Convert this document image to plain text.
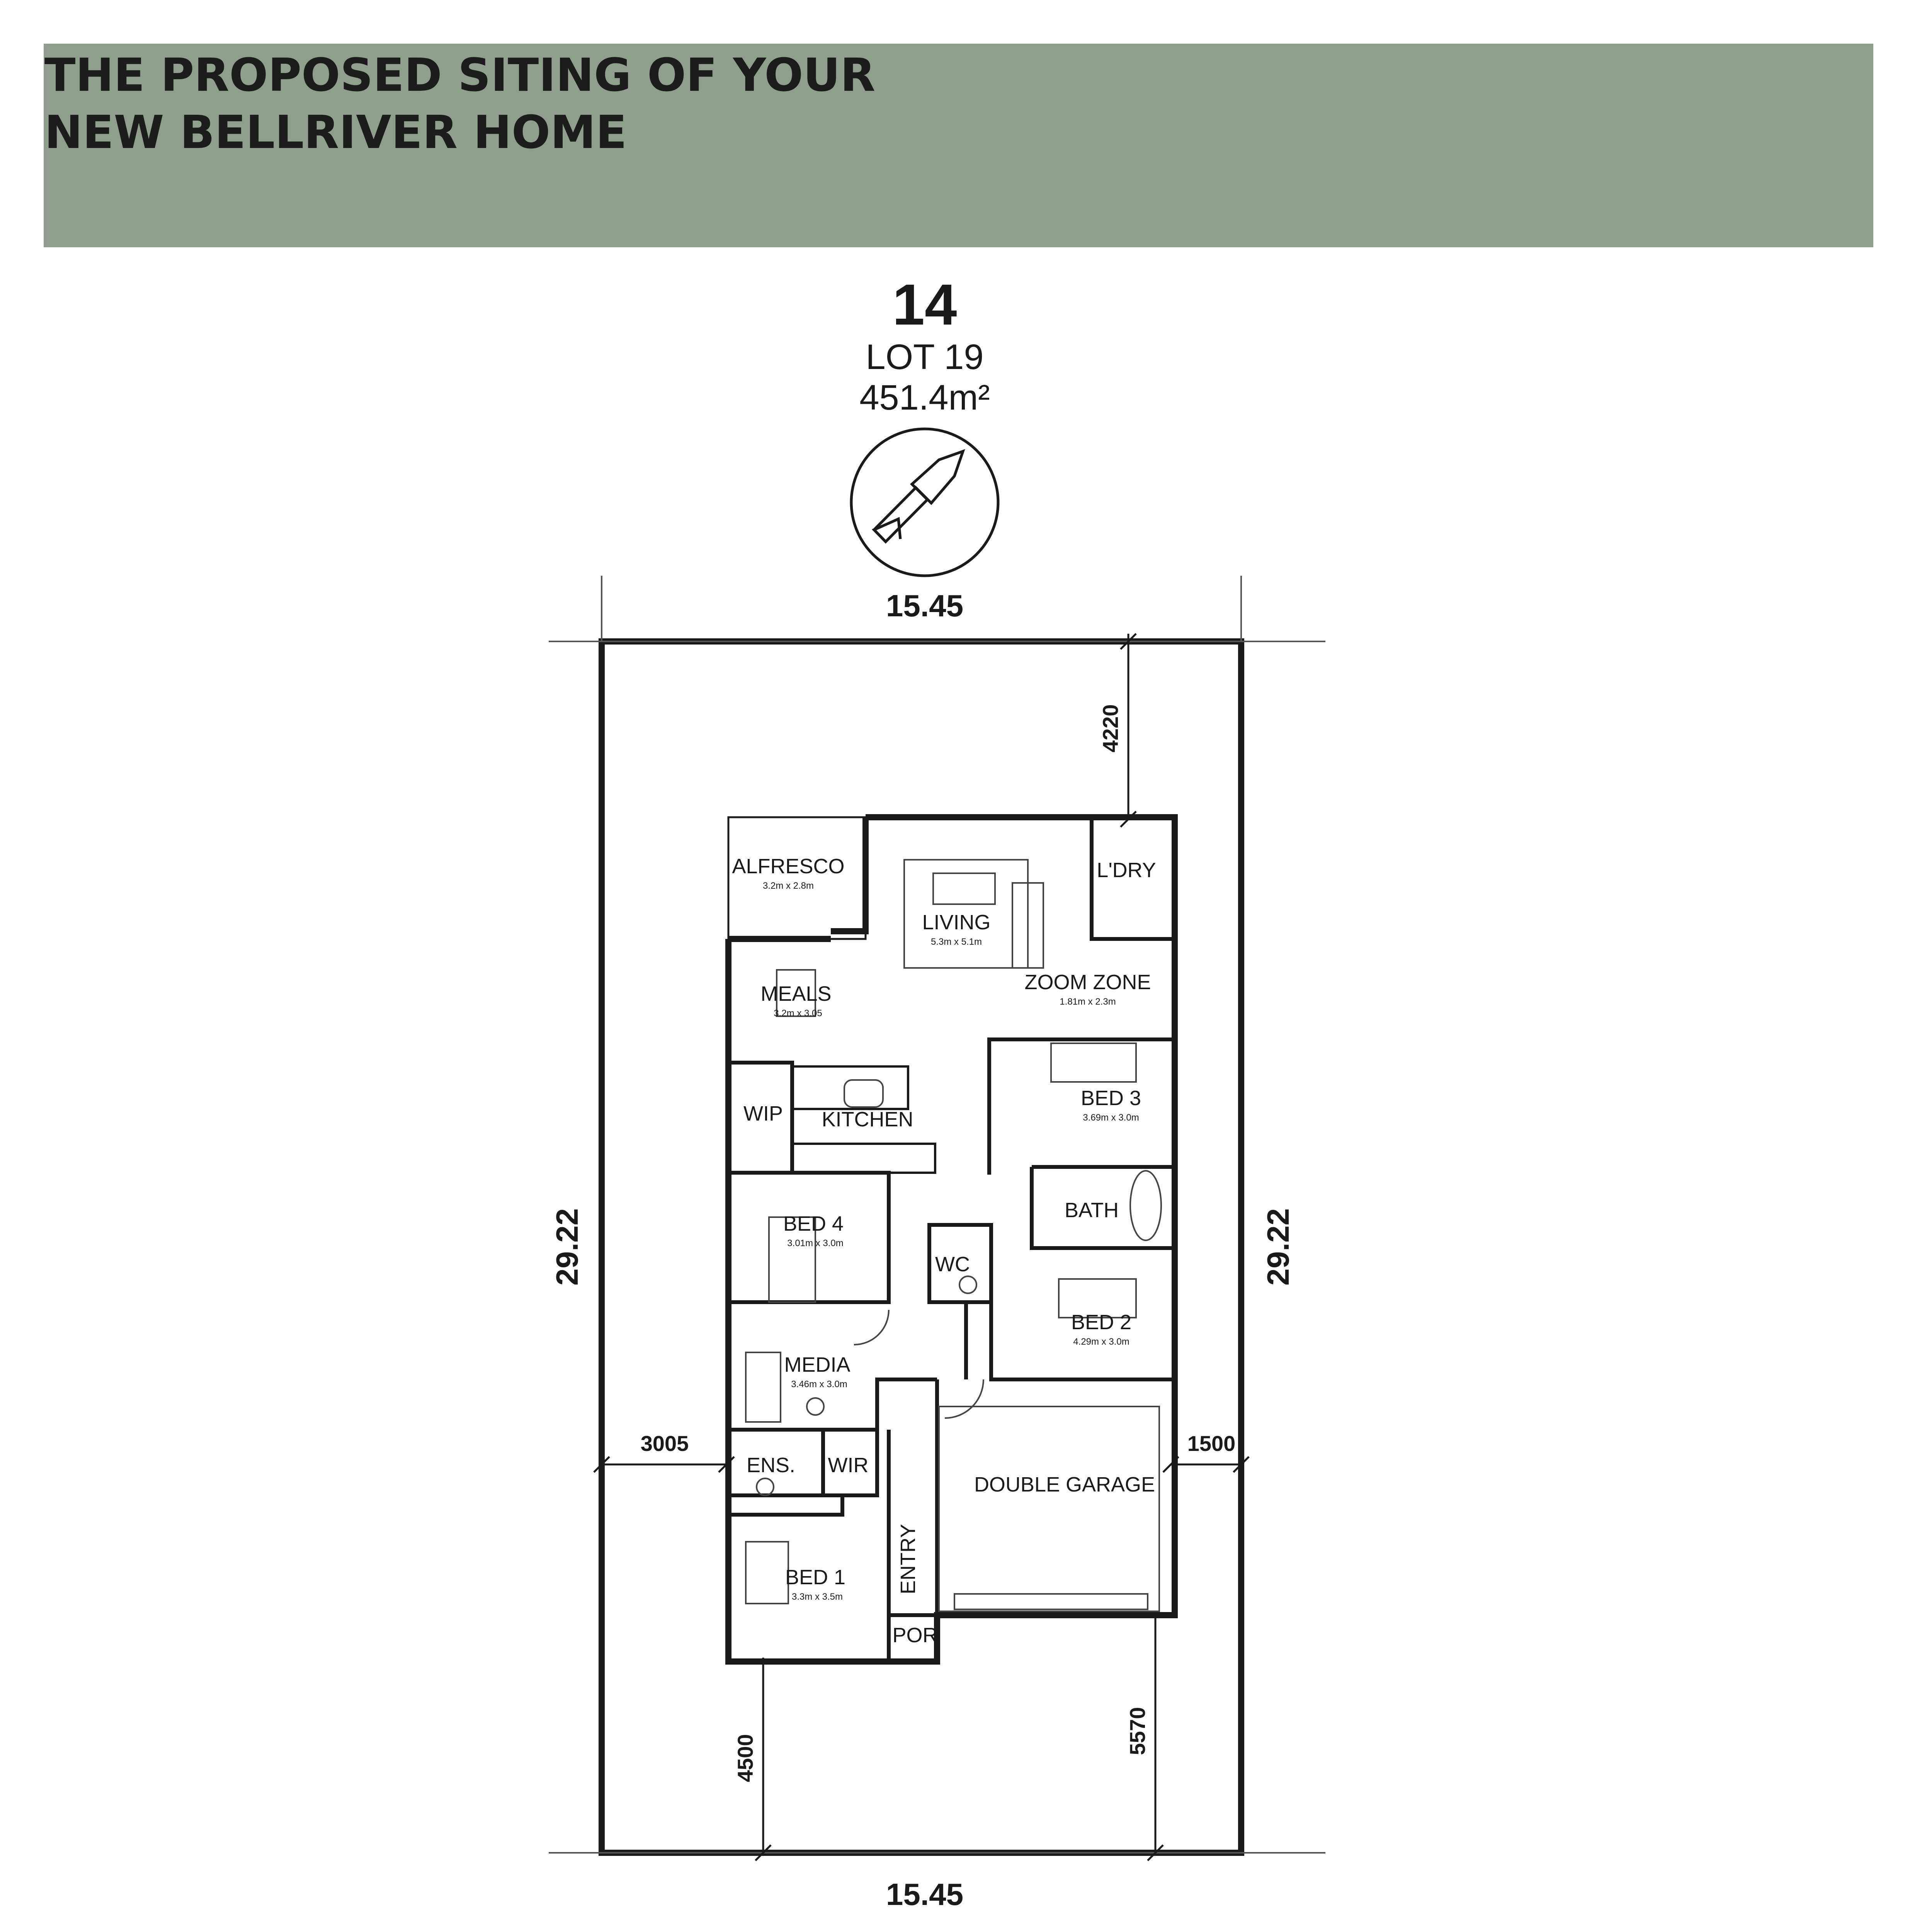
THE PROPOSED SITING OF YOUR
NEW BELLRIVER HOME
14
LOT 19
451.4m²
15.45
15.45
29.22	29.22
4220
3005	1500
4500
5570
ALFRESCO
3.2m x 2.8m
LIVING
5.3m x 5.1m
L'DRY
MEALS
3.2m x 3.05
ZOOM ZONE
1.81m x 2.3m
WIP KITCHEN
BED 3
3.69m x 3.0m
BATH
BED 4
3.01m x 3.0m
WC
BED 2
4.29m x 3.0m
MEDIA
3.46m x 3.0m
ENS. WIR
DOUBLE GARAGE
ENTRY
BED 1
3.3m x 3.5m
POR
